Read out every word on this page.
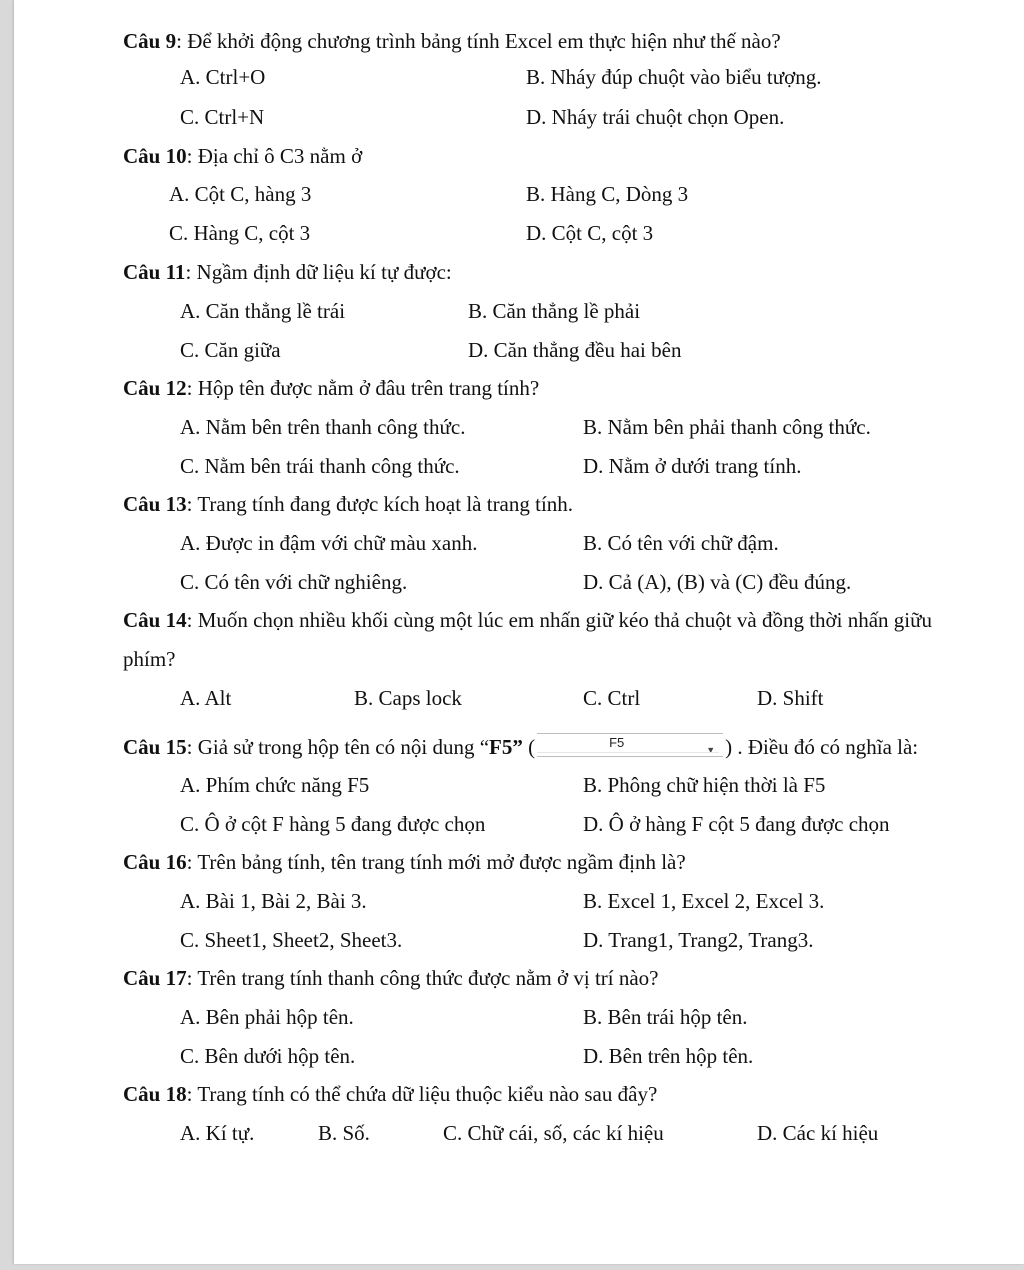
Câu 9: Để khởi động chương trình bảng tính Excel em thực hiện như thế nào?
A. Ctrl+O	B. Nháy đúp chuột vào biểu tượng.
C. Ctrl+N	D. Nháy trái chuột chọn Open.
Câu 10: Địa chỉ ô C3 nằm ở
A. Cột C, hàng 3	B. Hàng C, Dòng 3
C. Hàng C, cột 3	D. Cột C, cột 3
Câu 11: Ngầm định dữ liệu kí tự được:
A. Căn thẳng lề trái	B. Căn thẳng lề phải
C. Căn giữa	D. Căn thẳng đều hai bên
Câu 12: Hộp tên được nằm ở đâu trên trang tính?
A. Nằm bên trên thanh công thức.	B. Nằm bên phải thanh công thức.
C. Nằm bên trái thanh công thức.	D. Nằm ở dưới trang tính.
Câu 13: Trang tính đang được kích hoạt là trang tính.
A. Được in đậm với chữ màu xanh.	B. Có tên với chữ đậm.
C. Có tên với chữ nghiêng.	D. Cả (A), (B) và (C) đều đúng.
Câu 14: Muốn chọn nhiều khối cùng một lúc em nhấn giữ kéo thả chuột và đồng thời nhấn giữu
phím?
A. Alt	B. Caps lock	C. Ctrl	D. Shift
Câu 15: Giả sử trong hộp tên có nội dung “F5” (	F5	▼ ) . Điều đó có nghĩa là:
A. Phím chức năng F5	B. Phông chữ hiện thời là F5
C. Ô ở cột F hàng 5 đang được chọn	D. Ô ở hàng F cột 5 đang được chọn
Câu 16: Trên bảng tính, tên trang tính mới mở được ngầm định là?
A. Bài 1, Bài 2, Bài 3.	B. Excel 1, Excel 2, Excel 3.
C. Sheet1, Sheet2, Sheet3.	D. Trang1, Trang2, Trang3.
Câu 17: Trên trang tính thanh công thức được nằm ở vị trí nào?
A. Bên phải hộp tên.	B. Bên trái hộp tên.
C. Bên dưới hộp tên.	D. Bên trên hộp tên.
Câu 18: Trang tính có thể chứa dữ liệu thuộc kiểu nào sau đây?
A. Kí tự.	B. Số.	C. Chữ cái, số, các kí hiệu	D. Các kí hiệu
